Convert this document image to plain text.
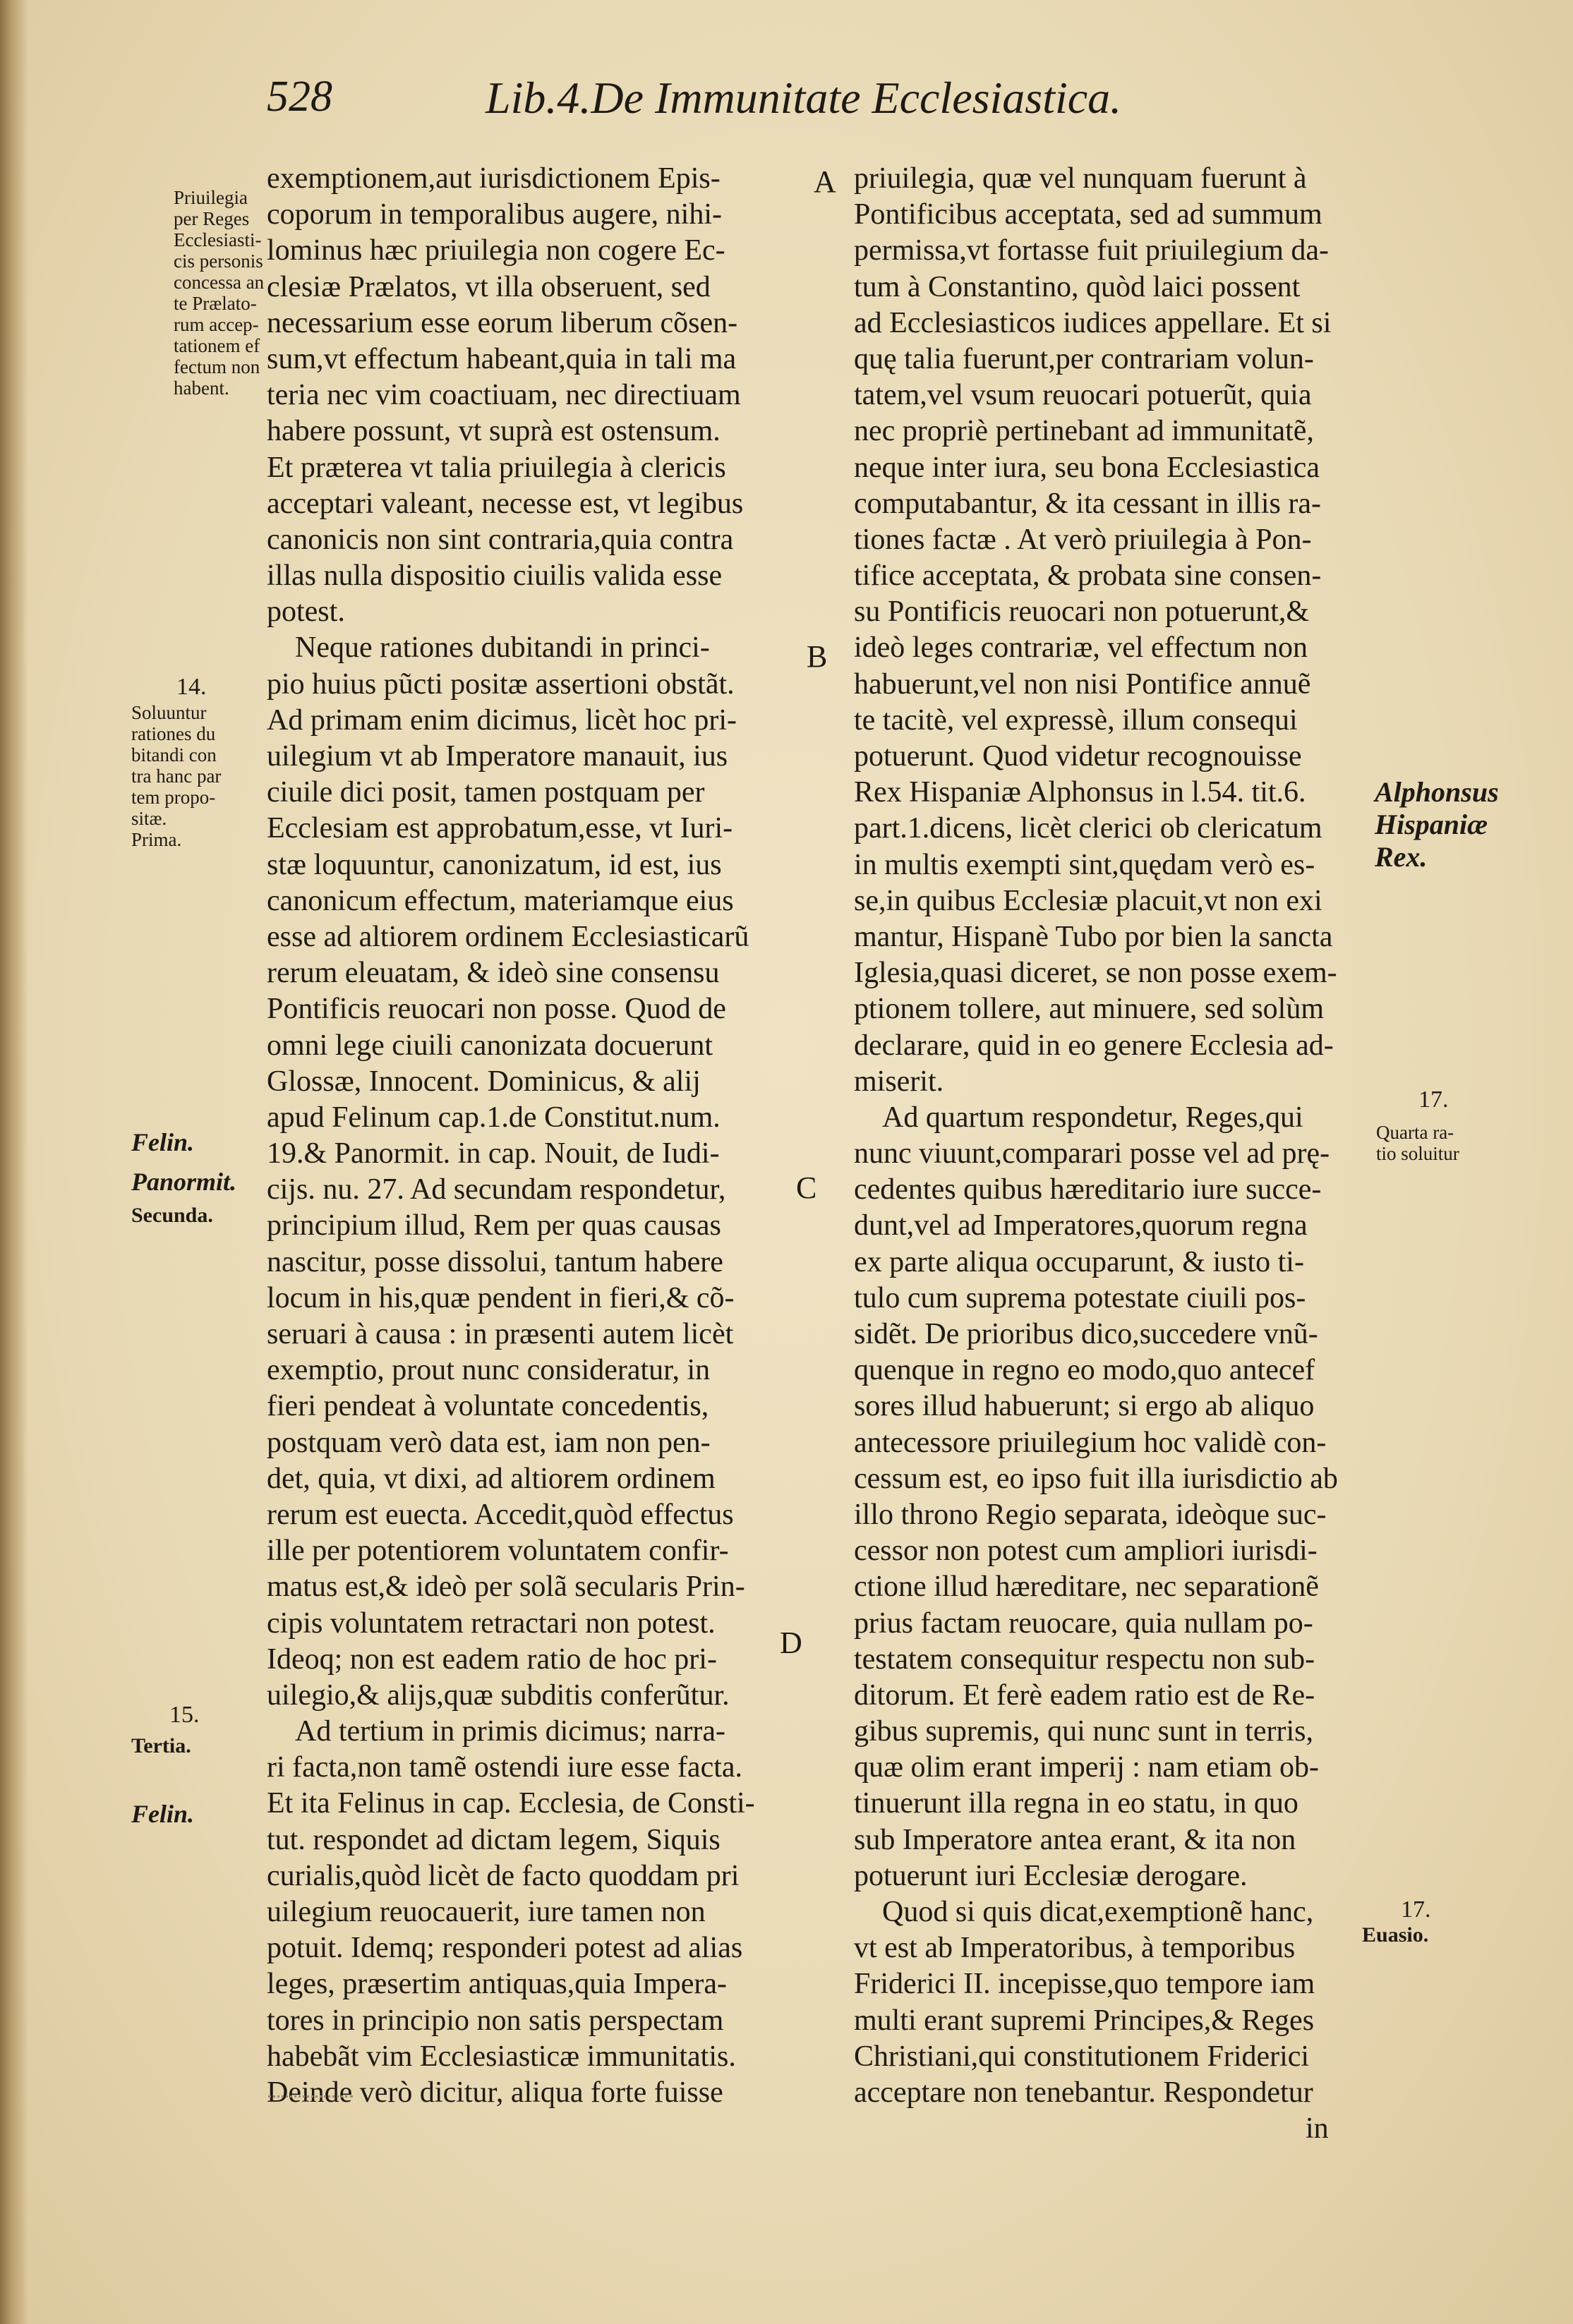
528	Lib.4.De Immunitate Ecclesiastica.
exemptionem,aut iurisdictionem Epis-
coporum in temporalibus augere, nihi-
lominus hæc priuilegia non cogere Ec-
clesiæ Prælatos, vt illa obseruent, sed
necessarium esse eorum liberum cõsen-
sum,vt effectum habeant,quia in tali ma
teria nec vim coactiuam, nec directiuam
habere possunt, vt suprà est ostensum.
Et præterea vt talia priuilegia à clericis
acceptari valeant, necesse est, vt legibus
canonicis non sint contraria,quia contra
illas nulla dispositio ciuilis valida esse
potest.
Neque rationes dubitandi in princi-
pio huius pũcti positæ assertioni obstãt.
Ad primam enim dicimus, licèt hoc pri-
uilegium vt ab Imperatore manauit, ius
ciuile dici posit, tamen postquam per
Ecclesiam est approbatum,esse, vt Iuri-
stæ loquuntur, canonizatum, id est, ius
canonicum effectum, materiamque eius
esse ad altiorem ordinem Ecclesiasticarũ
rerum eleuatam, & ideò sine consensu
Pontificis reuocari non posse. Quod de
omni lege ciuili canonizata docuerunt
Glossæ, Innocent. Dominicus, & alij
apud Felinum cap.1.de Constitut.num.
19.& Panormit. in cap. Nouit, de Iudi-
cijs. nu. 27. Ad secundam respondetur,
principium illud, Rem per quas causas
nascitur, posse dissolui, tantum habere
locum in his,quæ pendent in fieri,& cõ-
seruari à causa : in præsenti autem licèt
exemptio, prout nunc consideratur, in
fieri pendeat à voluntate concedentis,
postquam verò data est, iam non pen-
det, quia, vt dixi, ad altiorem ordinem
rerum est euecta. Accedit,quòd effectus
ille per potentiorem voluntatem confir-
matus est,& ideò per solã secularis Prin-
cipis voluntatem retractari non potest.
Ideoq; non est eadem ratio de hoc pri-
uilegio,& alijs,quæ subditis conferũtur.
Ad tertium in primis dicimus; narra-
ri facta,non tamẽ ostendi iure esse facta.
Et ita Felinus in cap. Ecclesia, de Consti-
tut. respondet ad dictam legem, Siquis
curialis,quòd licèt de facto quoddam pri
uilegium reuocauerit, iure tamen non
potuit. Idemq; responderi potest ad alias
leges, præsertim antiquas,quia Impera-
tores in principio non satis perspectam
habebãt vim Ecclesiasticæ immunitatis.
Deinde verò dicitur, aliqua forte fuisse
priuilegia, quæ vel nunquam fuerunt à
Pontificibus acceptata, sed ad summum
permissa,vt fortasse fuit priuilegium da-
tum à Constantino, quòd laici possent
ad Ecclesiasticos iudices appellare. Et si
quę talia fuerunt,per contrariam volun-
tatem,vel vsum reuocari potuerũt, quia
nec propriè pertinebant ad immunitatẽ,
neque inter iura, seu bona Ecclesiastica
computabantur, & ita cessant in illis ra-
tiones factæ . At verò priuilegia à Pon-
tifice acceptata, & probata sine consen-
su Pontificis reuocari non potuerunt,&
ideò leges contrariæ, vel effectum non
habuerunt,vel non nisi Pontifice annuẽ
te tacitè, vel expressè, illum consequi
potuerunt. Quod videtur recognouisse
Rex Hispaniæ Alphonsus in l.54. tit.6.
part.1.dicens, licèt clerici ob clericatum
in multis exempti sint,quędam verò es-
se,in quibus Ecclesiæ placuit,vt non exi
mantur, Hispanè Tubo por bien la sancta
Iglesia,quasi diceret, se non posse exem-
ptionem tollere, aut minuere, sed solùm
declarare, quid in eo genere Ecclesia ad-
miserit.
Ad quartum respondetur, Reges,qui
nunc viuunt,comparari posse vel ad prę-
cedentes quibus hæreditario iure succe-
dunt,vel ad Imperatores,quorum regna
ex parte aliqua occuparunt, & iusto ti-
tulo cum suprema potestate ciuili pos-
sidẽt. De prioribus dico,succedere vnũ-
quenque in regno eo modo,quo antecef
sores illud habuerunt; si ergo ab aliquo
antecessore priuilegium hoc validè con-
cessum est, eo ipso fuit illa iurisdictio ab
illo throno Regio separata, ideòque suc-
cessor non potest cum ampliori iurisdi-
ctione illud hæreditare, nec separationẽ
prius factam reuocare, quia nullam po-
testatem consequitur respectu non sub-
ditorum. Et ferè eadem ratio est de Re-
gibus supremis, qui nunc sunt in terris,
quæ olim erant imperij : nam etiam ob-
tinuerunt illa regna in eo statu, in quo
sub Imperatore antea erant, & ita non
potuerunt iuri Ecclesiæ derogare.
Quod si quis dicat,exemptionẽ hanc,
vt est ab Imperatoribus, à temporibus
Friderici II. incepisse,quo tempore iam
multi erant supremi Principes,& Reges
Christiani,qui constitutionem Friderici
acceptare non tenebantur. Respondetur
in
A
B
C
D
Priuilegia
per Reges
Ecclesiasti-
cis personis
concessa an
te Prælato-
rum accep-
tationem ef
fectum non
habent.
14.
Soluuntur
rationes du
bitandi con
tra hanc par
tem propo-
sitæ.
Prima.
Felin.
Panormit.
Secunda.
15.
Tertia.
Felin.
Alphonsus
Hispaniæ
Rex.
17.
Quarta ra-
tio soluitur
17.
Euasio.
